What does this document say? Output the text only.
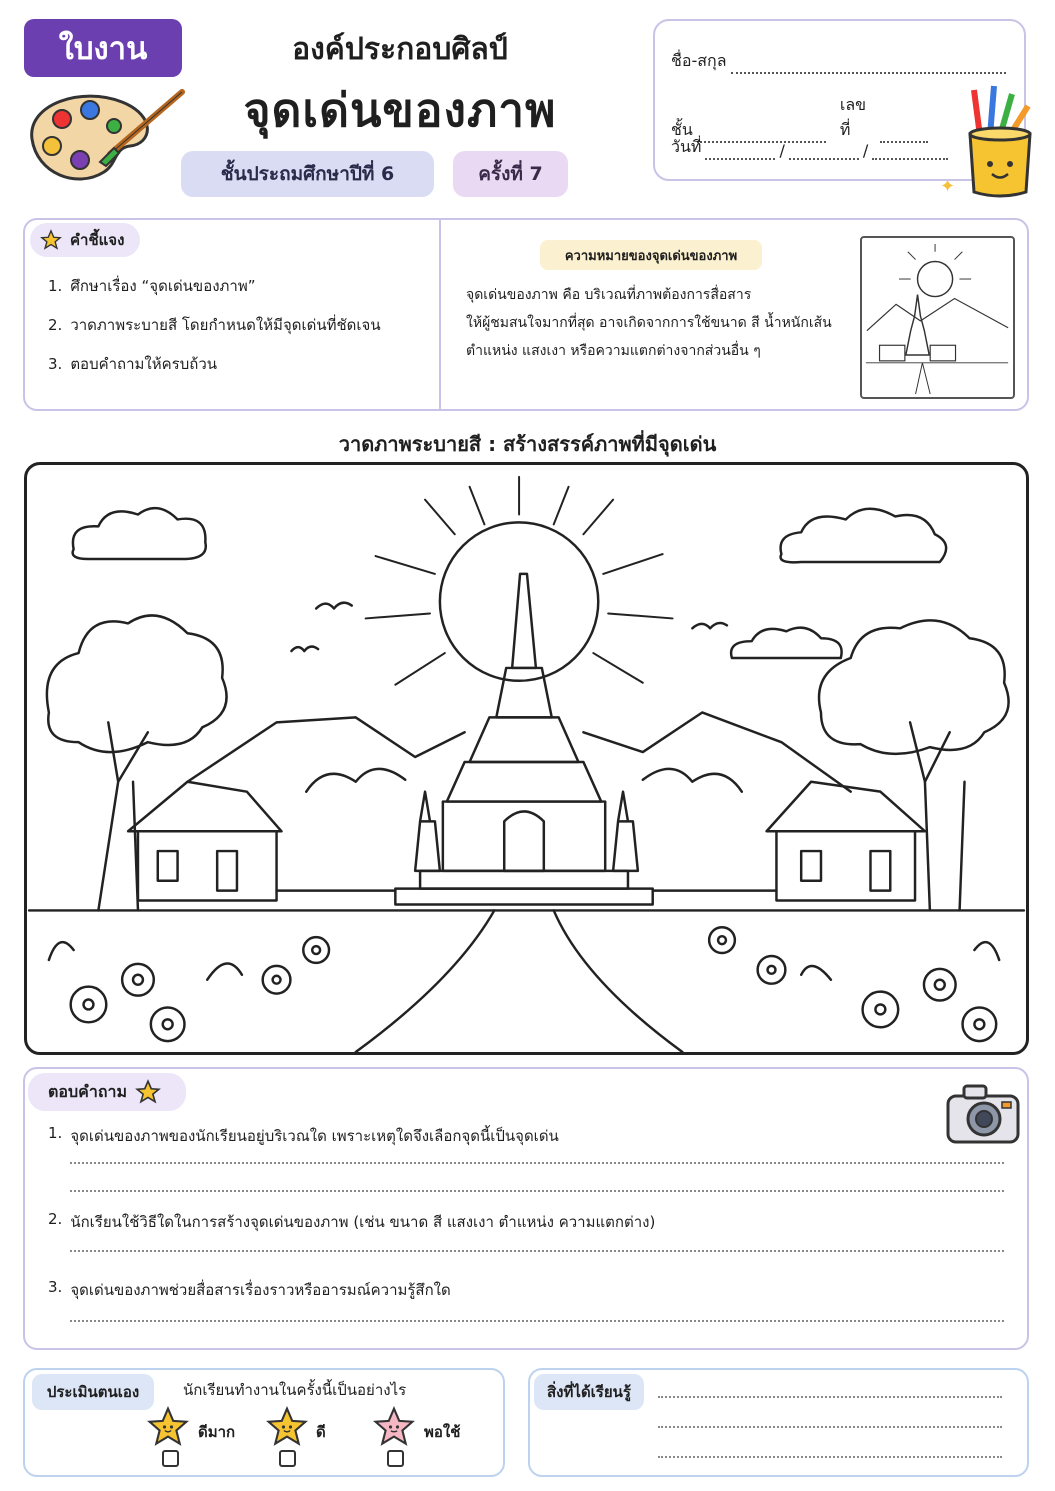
ใบงาน	องค์ประกอบศิลป์
จุดเด่นของภาพ
ชั้นประถมศึกษาปีที่ 6	ครั้งที่ 7
ชื่อ-สกุล
ชั้น
เลขที่
วันที่	/	/
✦
คำชี้แจง
1. ศึกษาเรื่อง “จุดเด่นของภาพ”
2. วาดภาพระบายสี โดยกำหนดให้มีจุดเด่นที่ชัดเจน
3. ตอบคำถามให้ครบถ้วน
ความหมายของจุดเด่นของภาพ
จุดเด่นของภาพ คือ บริเวณที่ภาพต้องการสื่อสาร
ให้ผู้ชมสนใจมากที่สุด อาจเกิดจากการใช้ขนาด สี น้ำหนักเส้น
ตำแหน่ง แสงเงา หรือความแตกต่างจากส่วนอื่น ๆ
วาดภาพระบายสี : สร้างสรรค์ภาพที่มีจุดเด่น
ตอบคำถาม
1. จุดเด่นของภาพของนักเรียนอยู่บริเวณใด เพราะเหตุใดจึงเลือกจุดนี้เป็นจุดเด่น
2. นักเรียนใช้วิธีใดในการสร้างจุดเด่นของภาพ (เช่น ขนาด สี แสงเงา ตำแหน่ง ความแตกต่าง)
3. จุดเด่นของภาพช่วยสื่อสารเรื่องราวหรืออารมณ์ความรู้สึกใด
ประเมินตนเอง	นักเรียนทำงานในครั้งนี้เป็นอย่างไร
ดีมาก	ดี	พอใช้
สิ่งที่ได้เรียนรู้
